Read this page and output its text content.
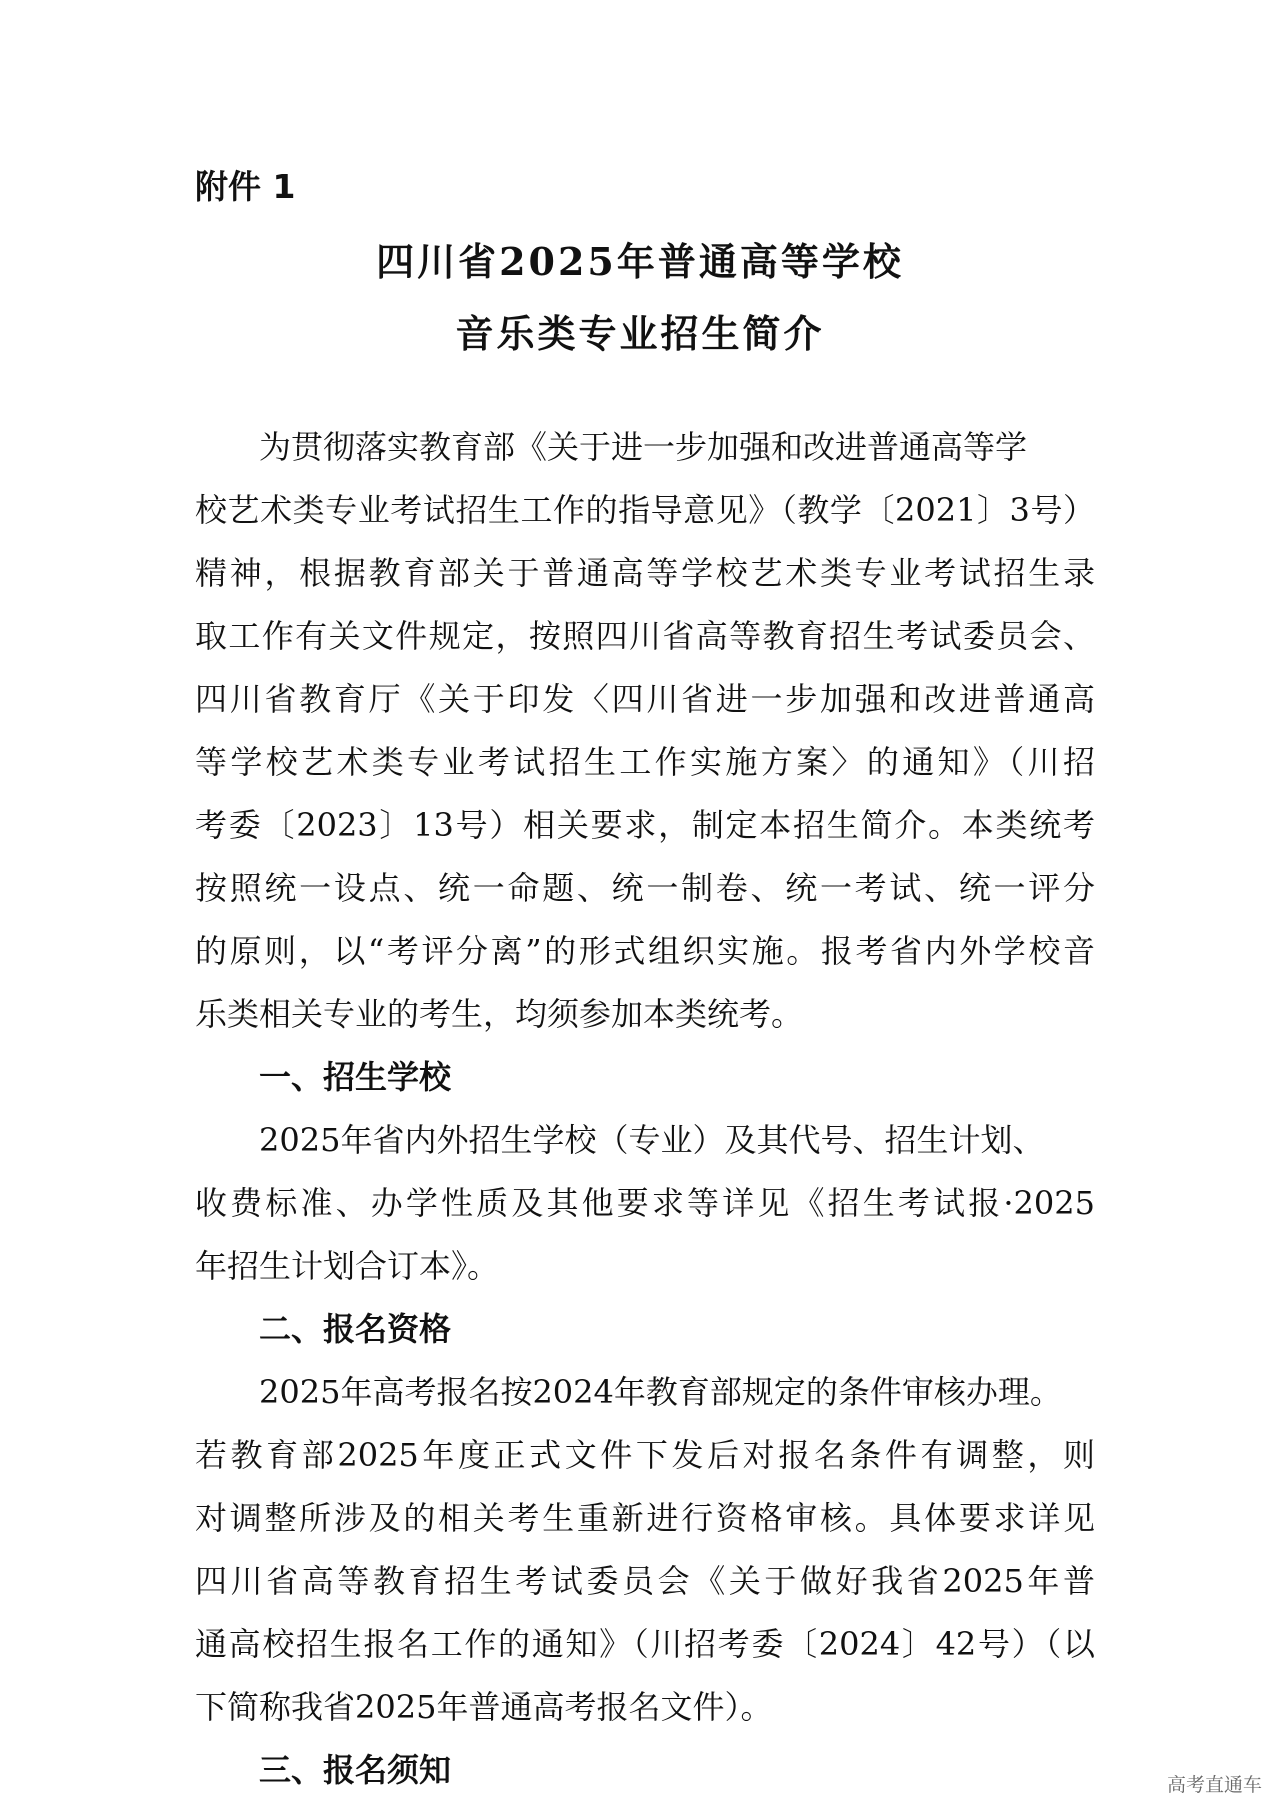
附件 1
四川省2025年普通高等学校
音乐类专业招生简介
为贯彻落实教育部《关于进一步加强和改进普通高等学
校艺术类专业考试招生工作的指导意见》（教学〔2021〕3号）
精神，根据教育部关于普通高等学校艺术类专业考试招生录
取工作有关文件规定，按照四川省高等教育招生考试委员会、
四川省教育厅《关于印发〈四川省进一步加强和改进普通高
等学校艺术类专业考试招生工作实施方案〉的通知》（川招
考委〔2023〕13号）相关要求，制定本招生简介。本类统考
按照统一设点、统一命题、统一制卷、统一考试、统一评分
的原则，以“考评分离”的形式组织实施。报考省内外学校音
乐类相关专业的考生，均须参加本类统考。
一、招生学校
2025年省内外招生学校（专业）及其代号、招生计划、
收费标准、办学性质及其他要求等详见《招生考试报·2025
年招生计划合订本》。
二、报名资格
2025年高考报名按2024年教育部规定的条件审核办理。
若教育部2025年度正式文件下发后对报名条件有调整，则
对调整所涉及的相关考生重新进行资格审核。具体要求详见
四川省高等教育招生考试委员会《关于做好我省2025年普
通高校招生报名工作的通知》（川招考委〔2024〕42号）（以
下简称我省2025年普通高考报名文件）。
三、报名须知	高考直通车
